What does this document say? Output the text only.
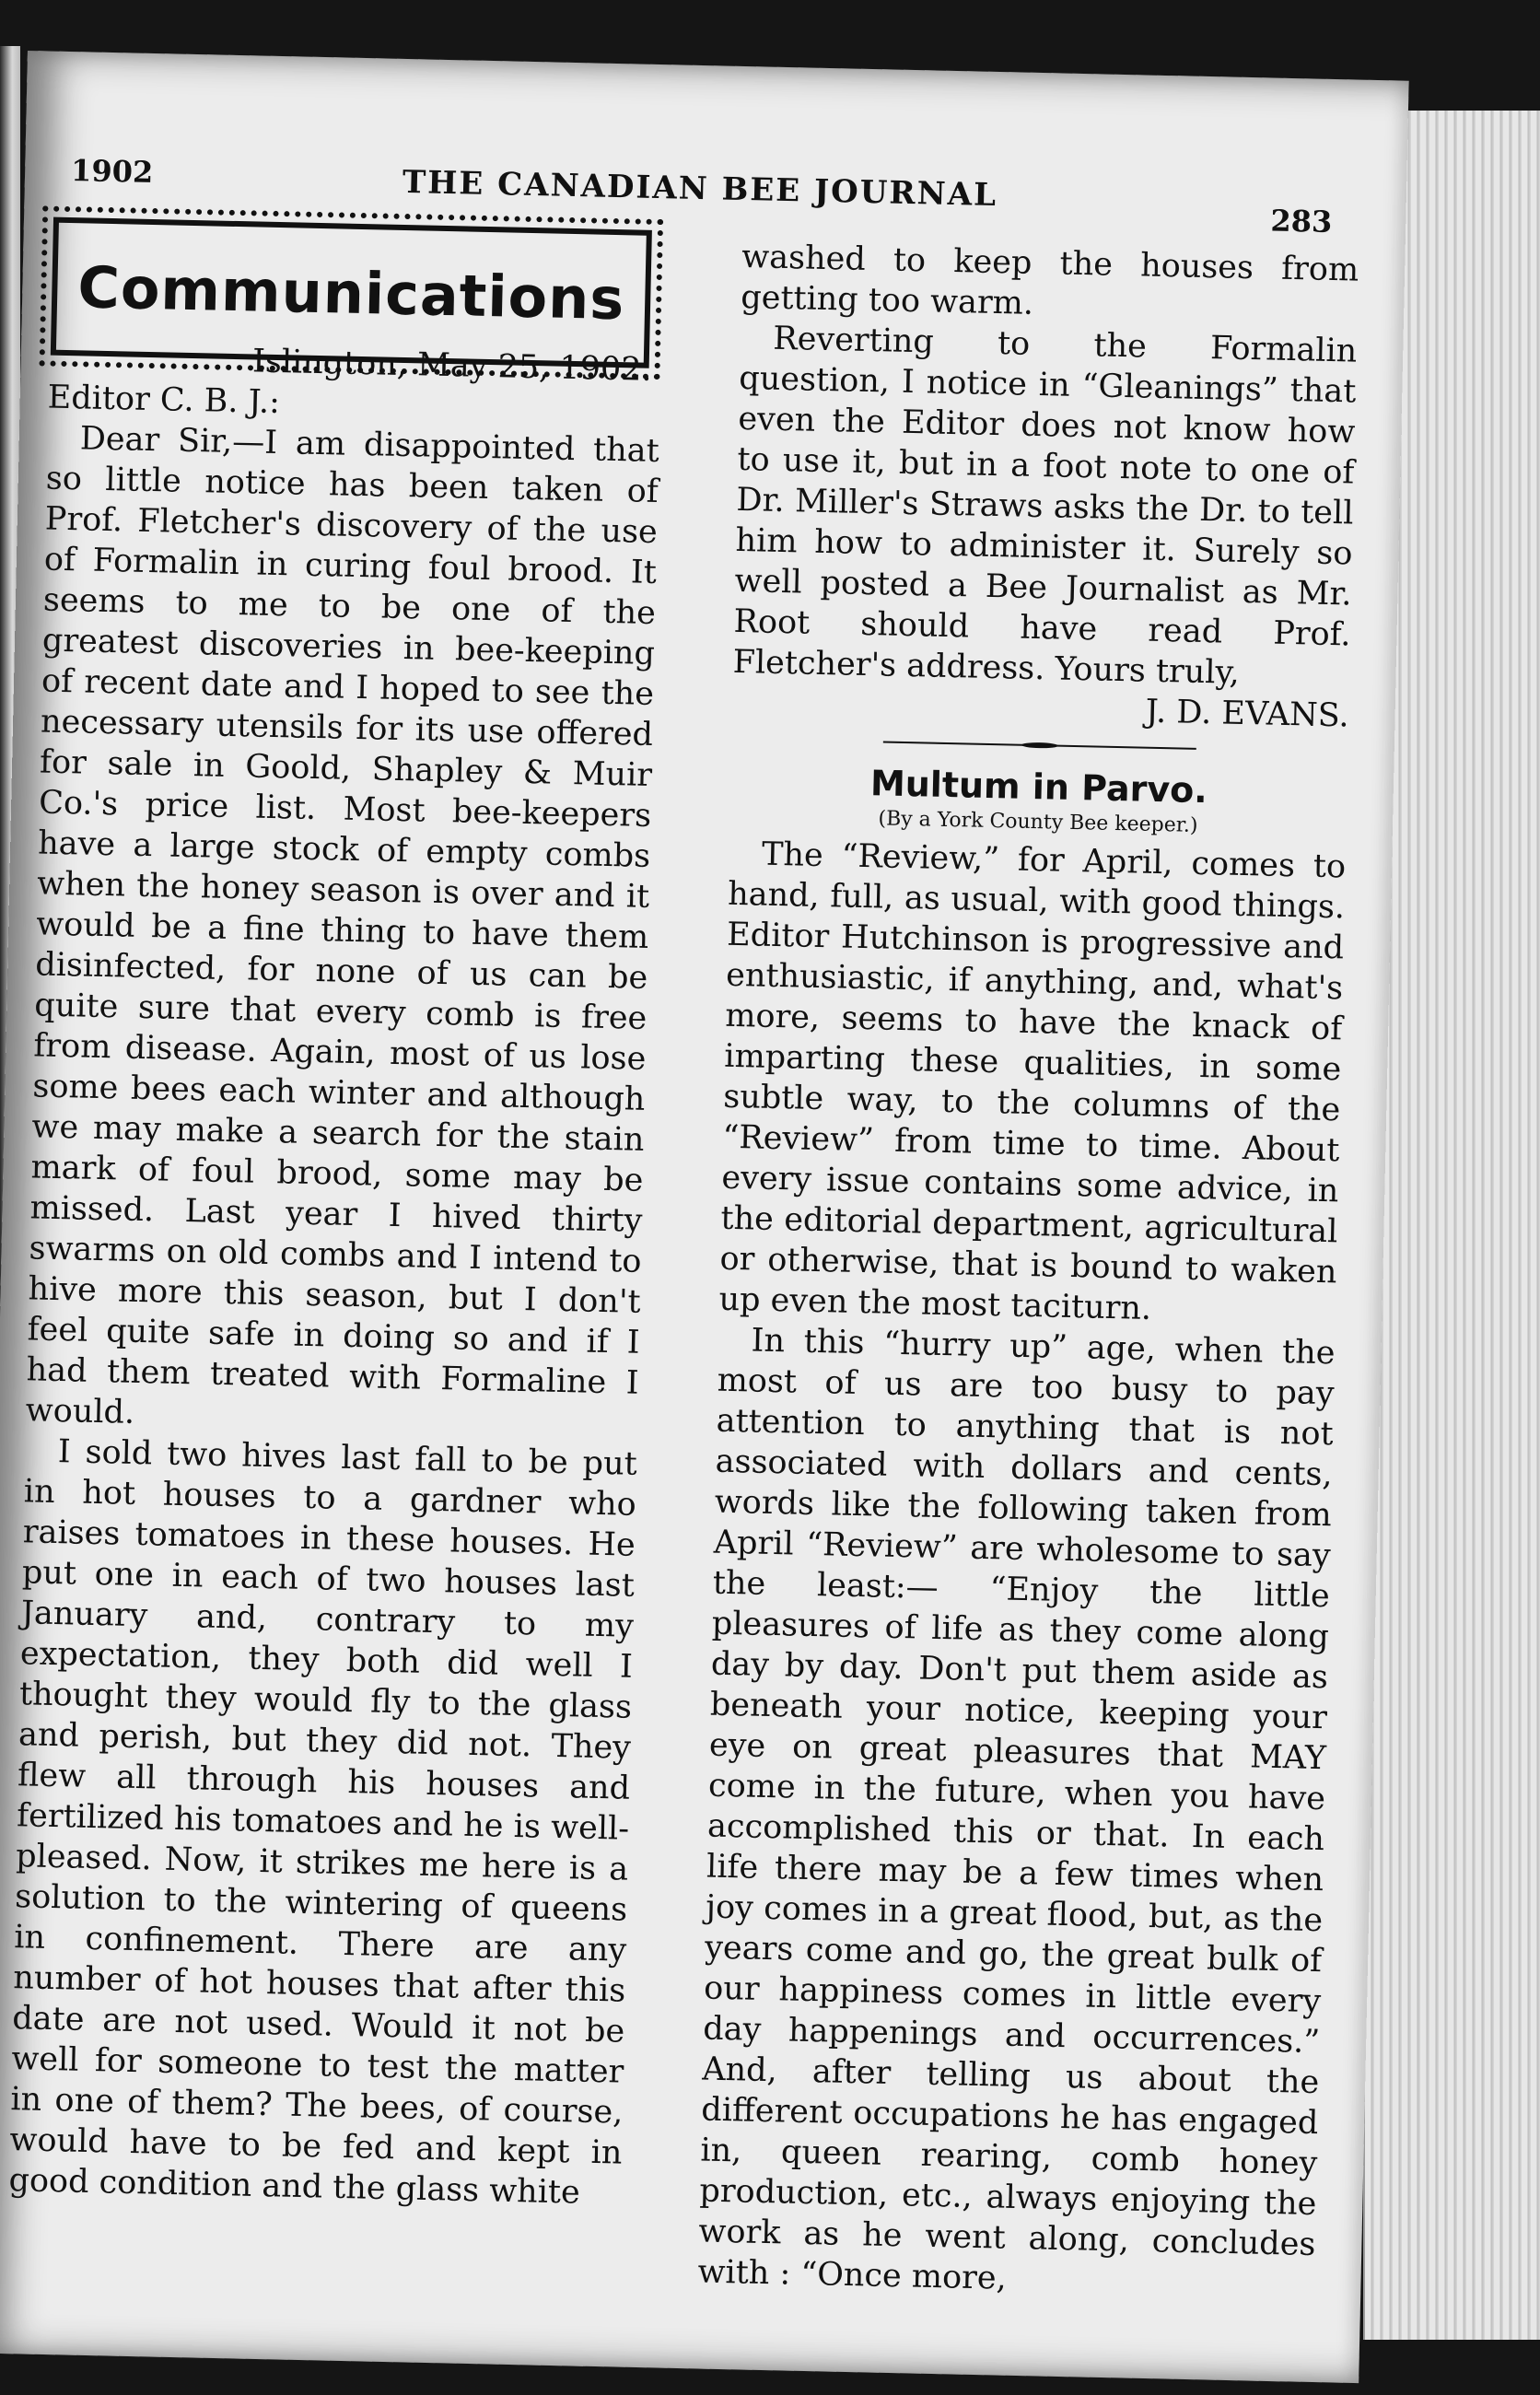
1902	THE CANADIAN BEE JOURNAL
283
Communications

Islington, May 25, 1902.

Editor C. B. J.:

Dear Sir,—I am disappointed that so little notice has been taken of Prof. Fletcher's discovery of the use of Formalin in curing foul brood. It seems to me to be one of the greatest discoveries in bee-keeping of recent date and I hoped to see the necessary utensils for its use offered for sale in Goold, Shapley & Muir Co.'s price list. Most bee-keepers have a large stock of empty combs when the honey season is over and it would be a fine thing to have them disinfected, for none of us can be quite sure that every comb is free from disease. Again, most of us lose some bees each winter and although we may make a search for the stain mark of foul brood, some may be missed. Last year I hived thirty swarms on old combs and I intend to hive more this season, but I don't feel quite safe in doing so and if I had them treated with Formaline I would.

I sold two hives last fall to be put in hot houses to a gardner who raises tomatoes in these houses. He put one in each of two houses last January and, contrary to my expectation, they both did well I thought they would fly to the glass and perish, but they did not. They flew all through his houses and fertilized his tomatoes and he is well-pleased. Now, it strikes me here is a solution to the wintering of queens in confinement. There are any number of hot houses that after this date are not used. Would it not be well for someone to test the matter in one of them? The bees, of course, would have to be fed and kept in good condition and the glass white

washed to keep the houses from getting too warm.

Reverting to the Formalin question, I notice in “Gleanings” that even the Editor does not know how to use it, but in a foot note to one of Dr. Miller's Straws asks the Dr. to tell him how to administer it. Surely so well posted a Bee Journalist as Mr. Root should have read Prof. Fletcher's address. Yours truly,

J. D. EVANS.

Multum in Parvo.

(By a York County Bee keeper.)

The “Review,” for April, comes to hand, full, as usual, with good things. Editor Hutchinson is progressive and enthusiastic, if anything, and, what's more, seems to have the knack of imparting these qualities, in some subtle way, to the columns of the “Review” from time to time. About every issue contains some advice, in the editorial department, agricultural or otherwise, that is bound to waken up even the most taciturn.

In this “hurry up” age, when the most of us are too busy to pay attention to anything that is not associated with dollars and cents, words like the following taken from April “Review” are wholesome to say the least:— “Enjoy the little pleasures of life as they come along day by day. Don't put them aside as beneath your notice, keeping your eye on great pleasures that MAY come in the future, when you have accomplished this or that. In each life there may be a few times when joy comes in a great flood, but, as the years come and go, the great bulk of our happiness comes in little every day happenings and occurrences.” And, after telling us about the different occupations he has engaged in, queen rearing, comb honey production, etc., always enjoying the work as he went along, concludes with : “Once more,
